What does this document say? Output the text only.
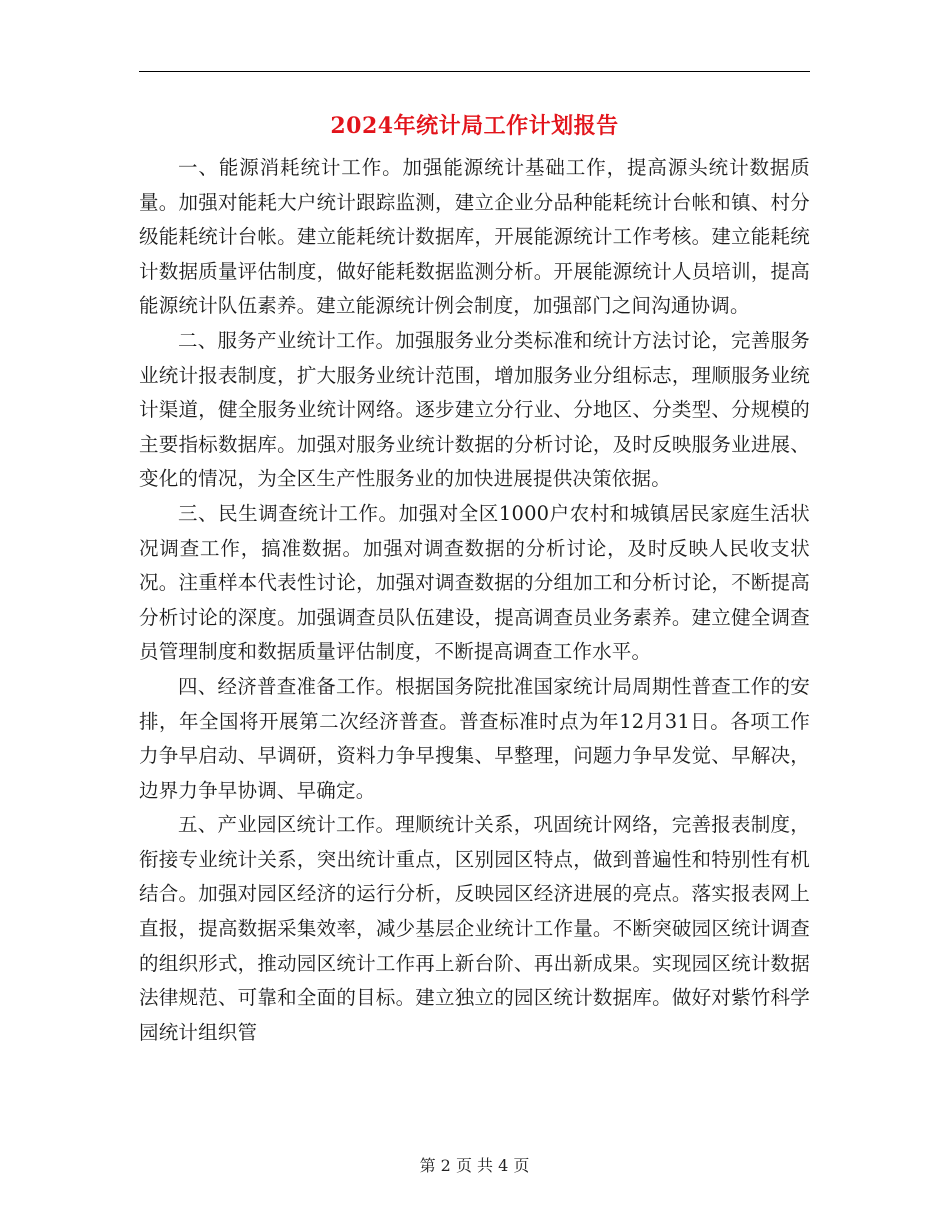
2024年统计局工作计划报告

一、能源消耗统计工作。加强能源统计基础工作，提高源头统计数据质量。加强对能耗大户统计跟踪监测，建立企业分品种能耗统计台帐和镇、村分级能耗统计台帐。建立能耗统计数据库，开展能源统计工作考核。建立能耗统计数据质量评估制度，做好能耗数据监测分析。开展能源统计人员培训，提高能源统计队伍素养。建立能源统计例会制度，加强部门之间沟通协调。

二、服务产业统计工作。加强服务业分类标准和统计方法讨论，完善服务业统计报表制度，扩大服务业统计范围，增加服务业分组标志，理顺服务业统计渠道，健全服务业统计网络。逐步建立分行业、分地区、分类型、分规模的主要指标数据库。加强对服务业统计数据的分析讨论，及时反映服务业进展、变化的情况，为全区生产性服务业的加快进展提供决策依据。

三、民生调查统计工作。加强对全区1000户农村和城镇居民家庭生活状况调查工作，搞准数据。加强对调查数据的分析讨论，及时反映人民收支状况。注重样本代表性讨论，加强对调查数据的分组加工和分析讨论，不断提高分析讨论的深度。加强调查员队伍建设，提高调查员业务素养。建立健全调查员管理制度和数据质量评估制度，不断提高调查工作水平。

四、经济普查准备工作。根据国务院批准国家统计局周期性普查工作的安排，年全国将开展第二次经济普查。普查标准时点为年12月31日。各项工作力争早启动、早调研，资料力争早搜集、早整理，问题力争早发觉、早解决，边界力争早协调、早确定。

五、产业园区统计工作。理顺统计关系，巩固统计网络，完善报表制度，衔接专业统计关系，突出统计重点，区别园区特点，做到普遍性和特别性有机结合。加强对园区经济的运行分析，反映园区经济进展的亮点。落实报表网上直报，提高数据采集效率，减少基层企业统计工作量。不断突破园区统计调查的组织形式，推动园区统计工作再上新台阶、再出新成果。实现园区统计数据法律规范、可靠和全面的目标。建立独立的园区统计数据库。做好对紫竹科学园统计组织管

第 2 页 共 4 页
